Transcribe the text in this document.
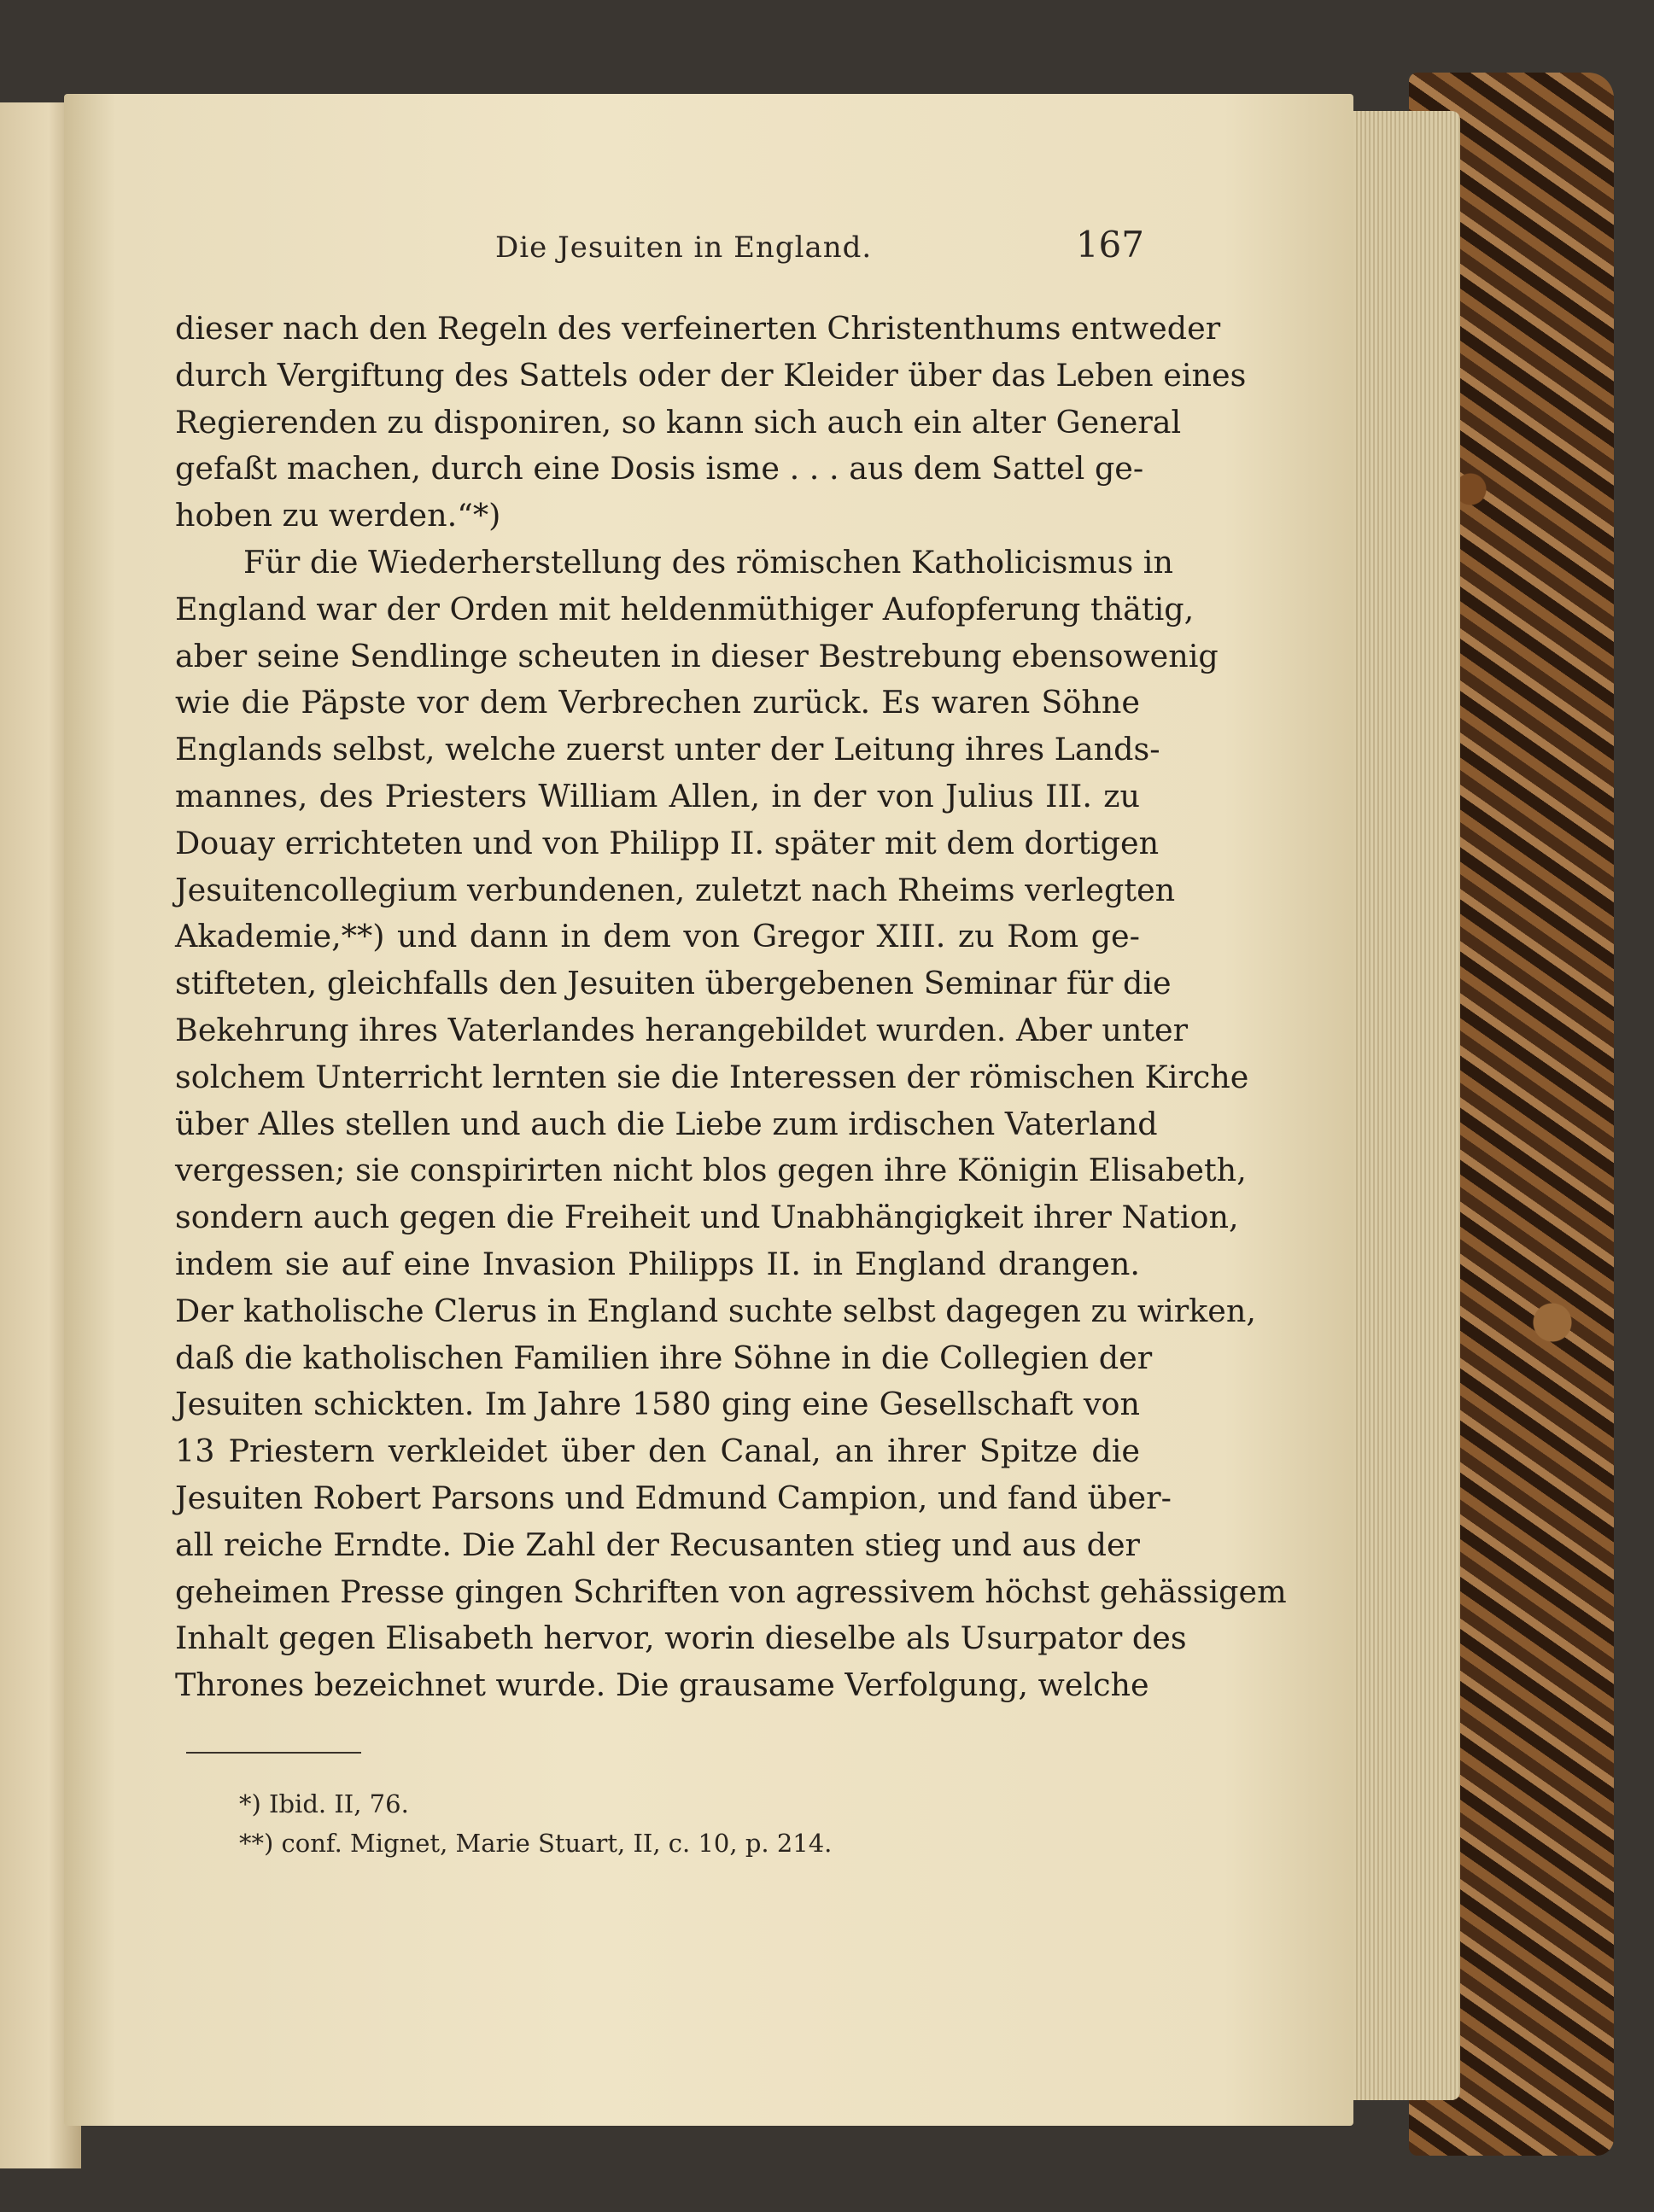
Die Jesuiten in England.	167
dieser nach den Regeln des verfeinerten Christenthums entweder
durch Vergiftung des Sattels oder der Kleider über das Leben eines
Regierenden zu disponiren, so kann sich auch ein alter General
gefaßt machen, durch eine Dosis isme . . . aus dem Sattel ge-
hoben zu werden.“*)
Für die Wiederherstellung des römischen Katholicismus in
England war der Orden mit heldenmüthiger Aufopferung thätig,
aber seine Sendlinge scheuten in dieser Bestrebung ebensowenig
wie die Päpste vor dem Verbrechen zurück. Es waren Söhne
Englands selbst, welche zuerst unter der Leitung ihres Lands-
mannes, des Priesters William Allen, in der von Julius III. zu
Douay errichteten und von Philipp II. später mit dem dortigen
Jesuitencollegium verbundenen, zuletzt nach Rheims verlegten
Akademie,**) und dann in dem von Gregor XIII. zu Rom ge-
stifteten, gleichfalls den Jesuiten übergebenen Seminar für die
Bekehrung ihres Vaterlandes herangebildet wurden. Aber unter
solchem Unterricht lernten sie die Interessen der römischen Kirche
über Alles stellen und auch die Liebe zum irdischen Vaterland
vergessen; sie conspirirten nicht blos gegen ihre Königin Elisabeth,
sondern auch gegen die Freiheit und Unabhängigkeit ihrer Nation,
indem sie auf eine Invasion Philipps II. in England drangen.
Der katholische Clerus in England suchte selbst dagegen zu wirken,
daß die katholischen Familien ihre Söhne in die Collegien der
Jesuiten schickten. Im Jahre 1580 ging eine Gesellschaft von
13 Priestern verkleidet über den Canal, an ihrer Spitze die
Jesuiten Robert Parsons und Edmund Campion, und fand über-
all reiche Erndte. Die Zahl der Recusanten stieg und aus der
geheimen Presse gingen Schriften von agressivem höchst gehässigem
Inhalt gegen Elisabeth hervor, worin dieselbe als Usurpator des
Thrones bezeichnet wurde. Die grausame Verfolgung, welche
*) Ibid. II, 76.
**) conf. Mignet, Marie Stuart, II, c. 10, p. 214.
